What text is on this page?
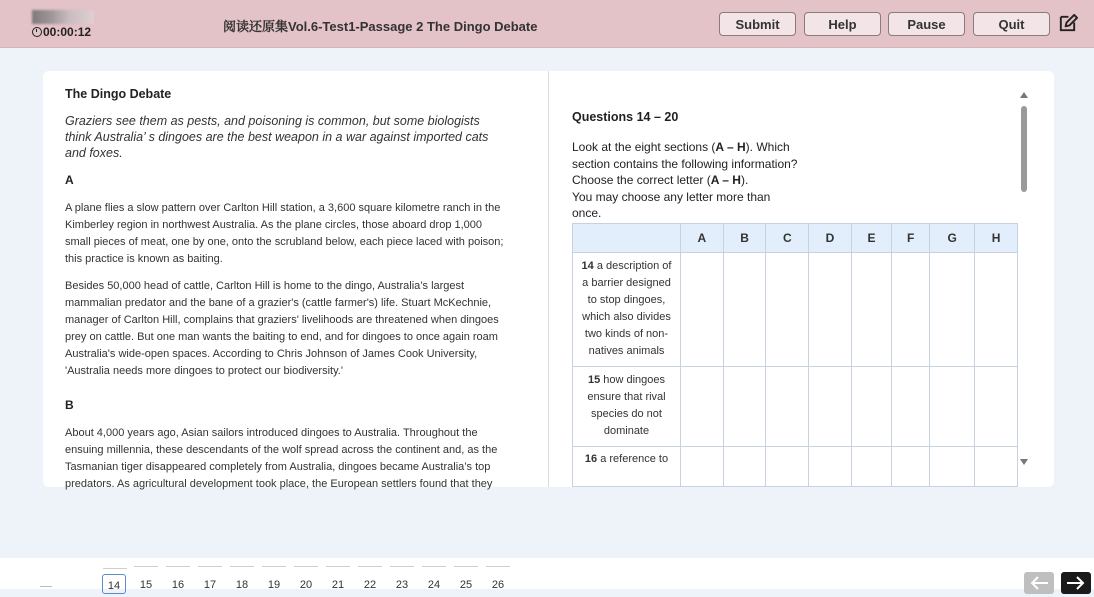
00:00:12	阅读还原集Vol.6-Test1-Passage 2 The Dingo Debate	Submit	Help	Pause	Quit
The Dingo Debate
Graziers see them as pests, and poisoning is common, but some biologists think Australia’ s dingoes are the best weapon in a war against imported cats and foxes.
A
A plane flies a slow pattern over Carlton Hill station, a 3,600 square kilometre ranch in the Kimberley region in northwest Australia. As the plane circles, those aboard drop 1,000 small pieces of meat, one by one, onto the scrubland below, each piece laced with poison; this practice is known as baiting.
Besides 50,000 head of cattle, Carlton Hill is home to the dingo, Australia’s largest mammalian predator and the bane of a grazier's (cattle farmer's) life. Stuart McKechnie, manager of Carlton Hill, complains that graziers' livelihoods are threatened when dingoes prey on cattle. But one man wants the baiting to end, and for dingoes to once again roam Australia's wide-open spaces. According to Chris Johnson of James Cook University, 'Australia needs more dingoes to protect our biodiversity.'
B
About 4,000 years ago, Asian sailors introduced dingoes to Australia. Throughout the ensuing millennia, these descendants of the wolf spread across the continent and, as the Tasmanian tiger disappeared completely from Australia, dingoes became Australia’s top predators. As agricultural development took place, the European settlers found that they
Questions 14 – 20
Look at the eight sections (A – H). Which section contains the following information?
Choose the correct letter (A – H).
You may choose any letter more than once.
	A	B	C	D	E	F	G	H
14 a description of a barrier designed to stop dingoes, which also divides two kinds of non-natives animals								
15 how dingoes ensure that rival species do not dominate								
16 a reference to								
14	15	16	17	18	19	20	21	22	23	24	25	26
